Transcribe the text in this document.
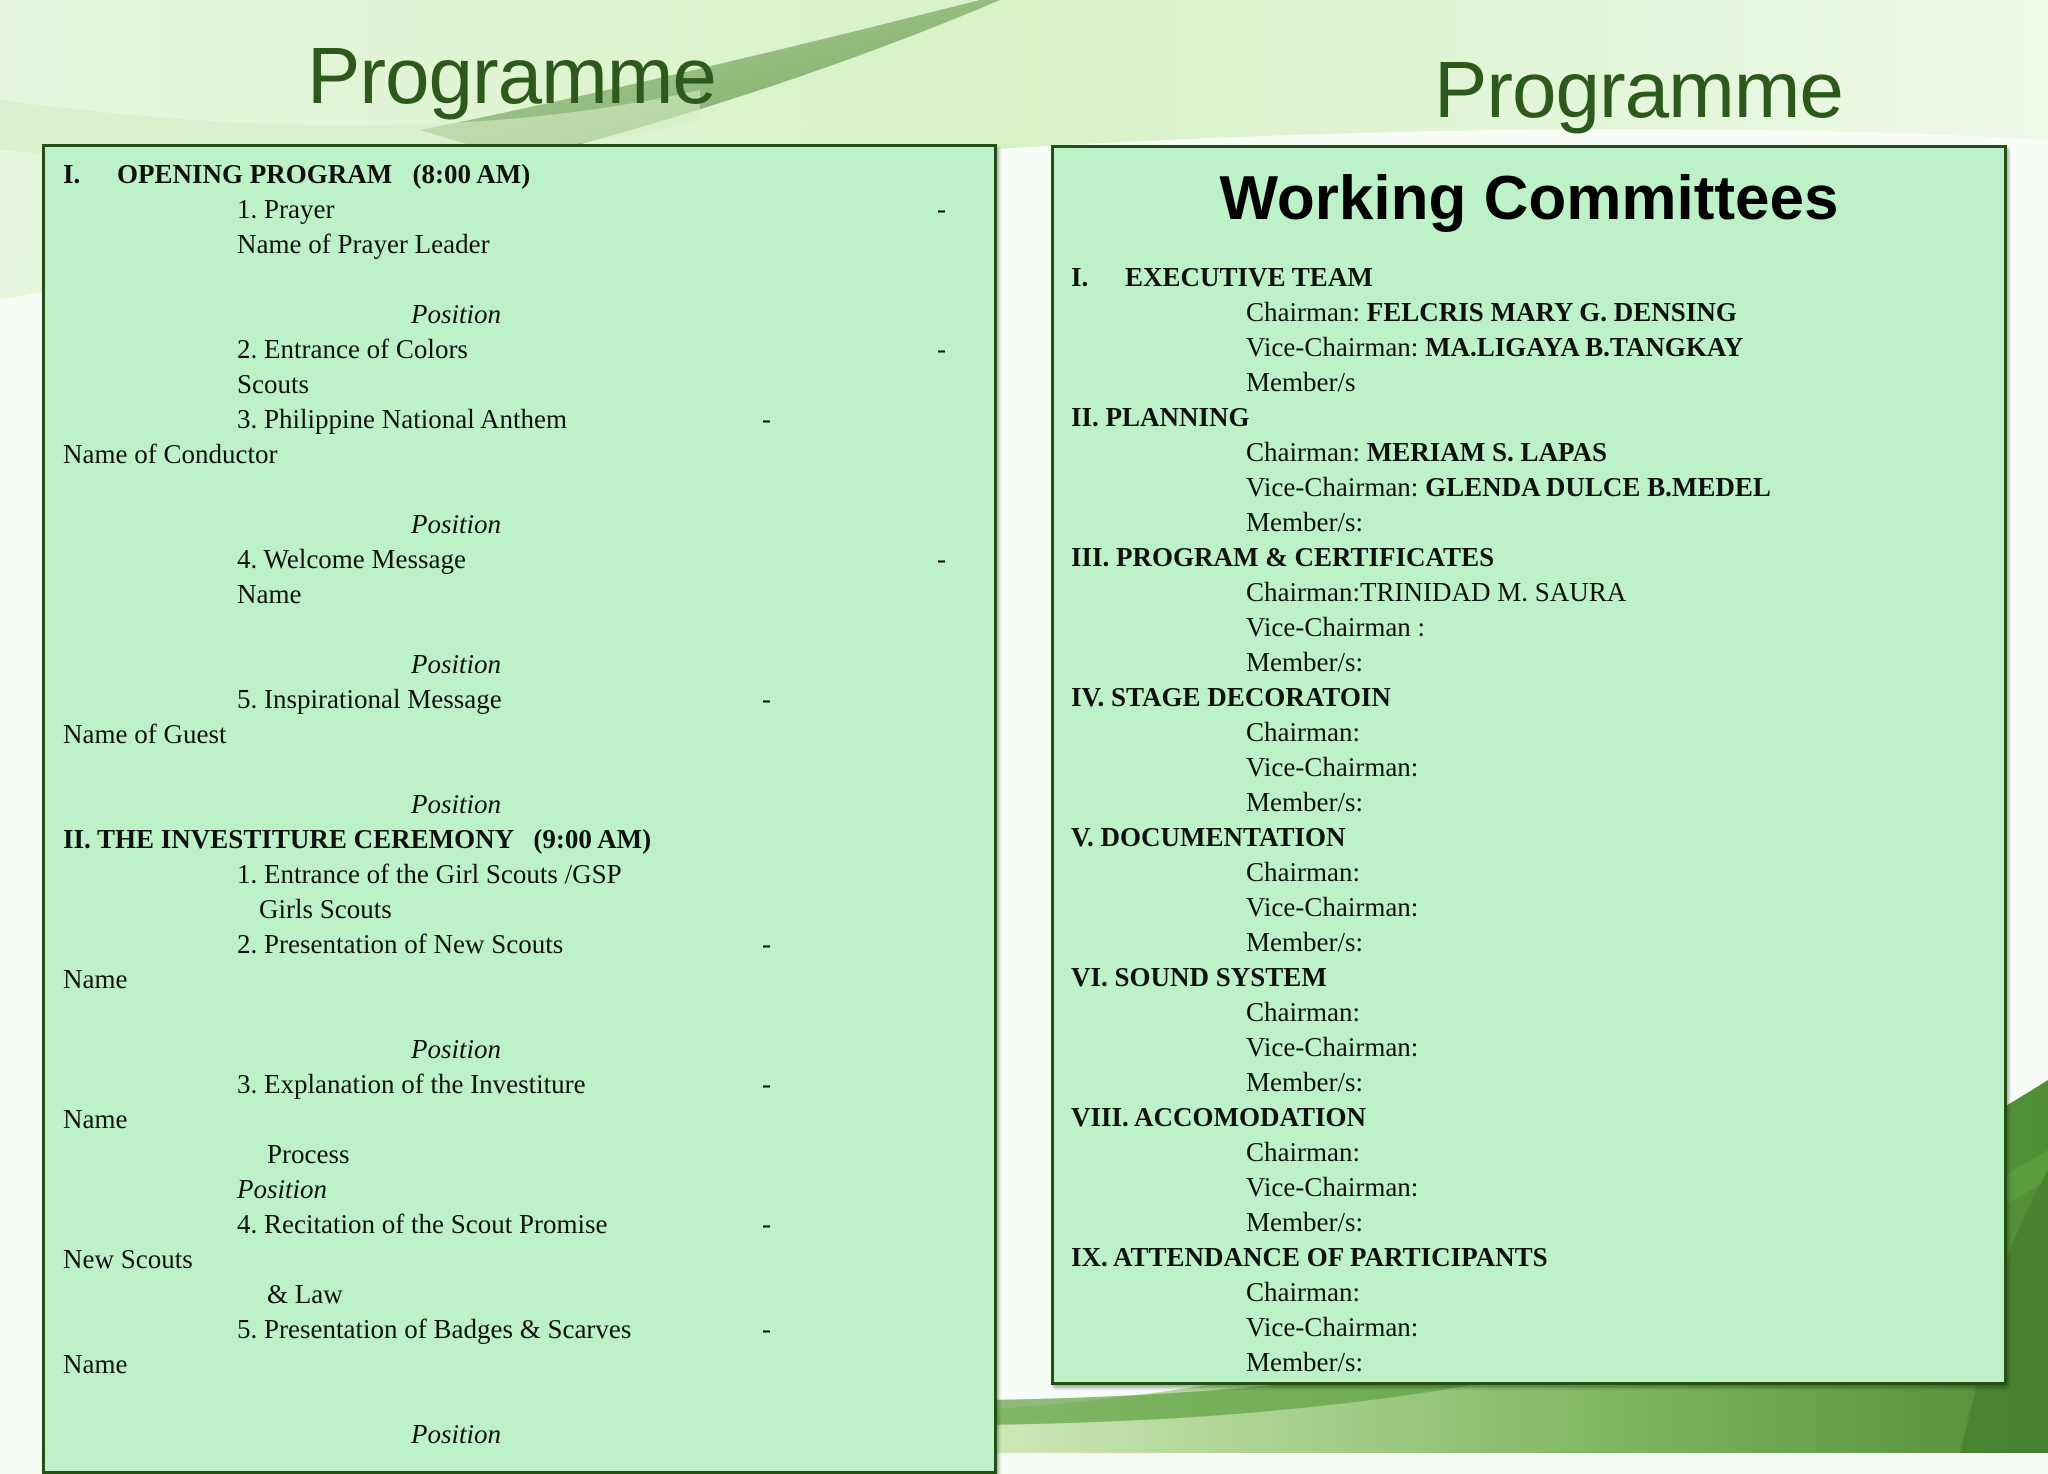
Programme	Programme
I. OPENING PROGRAM   (8:00 AM)
1. Prayer	-
Name of Prayer Leader
Position
2. Entrance of Colors	-
Scouts
3. Philippine National Anthem	-
Name of Conductor
Position
4. Welcome Message	-
Name
Position
5. Inspirational Message	-
Name of Guest
Position
II. THE INVESTITURE CEREMONY   (9:00 AM)
1. Entrance of the Girl Scouts /GSP
Girls Scouts
2. Presentation of New Scouts	-
Name
Position
3. Explanation of the Investiture	-
Name
Process
Position
4. Recitation of the Scout Promise	-
New Scouts
& Law
5. Presentation of Badges & Scarves	-
Name
Position
Working Committees
I. EXECUTIVE TEAM
Chairman: FELCRIS MARY G. DENSING
Vice-Chairman: MA.LIGAYA B.TANGKAY
Member/s
II. PLANNING
Chairman: MERIAM S. LAPAS
Vice-Chairman: GLENDA DULCE B.MEDEL
Member/s:
III. PROGRAM & CERTIFICATES
Chairman:TRINIDAD M. SAURA
Vice-Chairman :
Member/s:
IV. STAGE DECORATOIN
Chairman:
Vice-Chairman:
Member/s:
V. DOCUMENTATION
Chairman:
Vice-Chairman:
Member/s:
VI. SOUND SYSTEM
Chairman:
Vice-Chairman:
Member/s:
VIII. ACCOMODATION
Chairman:
Vice-Chairman:
Member/s:
IX. ATTENDANCE OF PARTICIPANTS
Chairman:
Vice-Chairman:
Member/s:
